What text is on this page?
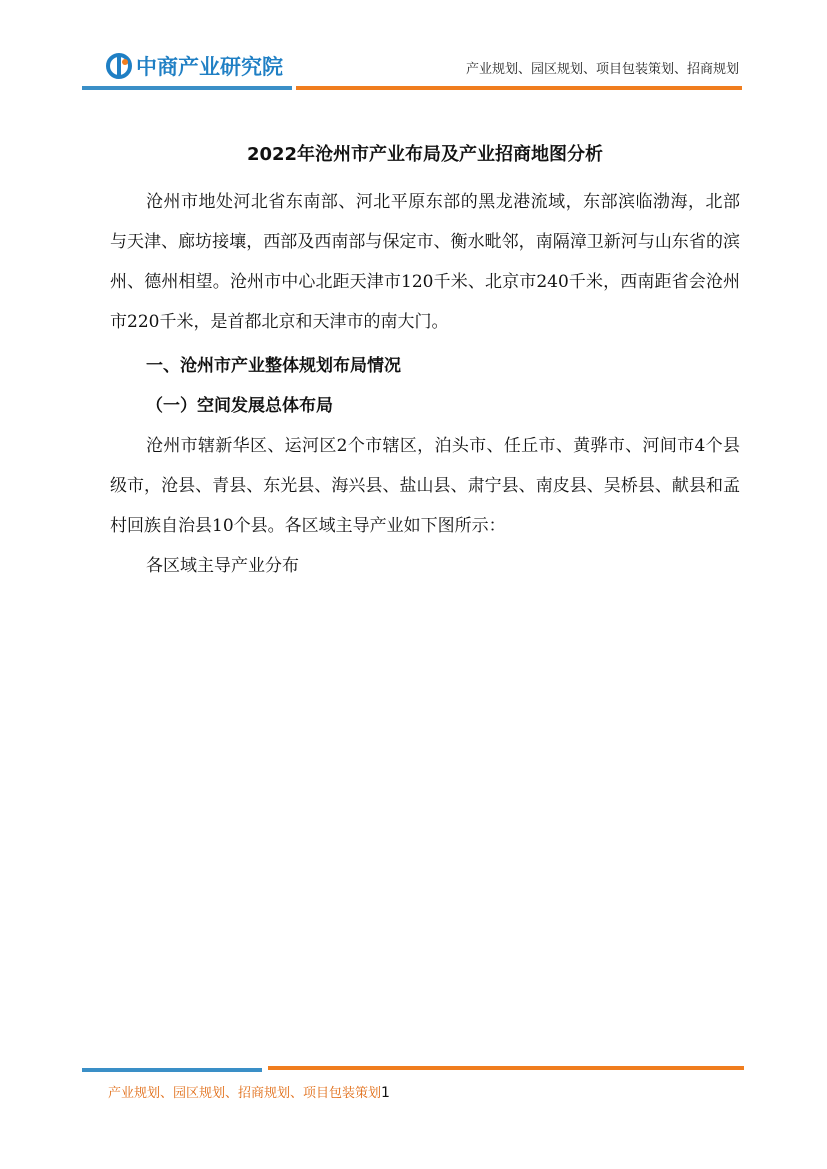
中商产业研究院	产业规划、园区规划、项目包装策划、招商规划
2022年沧州市产业布局及产业招商地图分析

沧州市地处河北省东南部、河北平原东部的黑龙港流域，东部滨临渤海，北部与天津、廊坊接壤，西部及西南部与保定市、衡水毗邻，南隔漳卫新河与山东省的滨州、德州相望。沧州市中心北距天津市120千米、北京市240千米，西南距省会沧州市220千米，是首都北京和天津市的南大门。

一、沧州市产业整体规划布局情况
（一）空间发展总体布局

沧州市辖新华区、运河区2个市辖区，泊头市、任丘市、黄骅市、河间市4个县级市，沧县、青县、东光县、海兴县、盐山县、肃宁县、南皮县、吴桥县、献县和孟村回族自治县10个县。各区域主导产业如下图所示：

各区域主导产业分布

产业规划、园区规划、招商规划、项目包装策划1
